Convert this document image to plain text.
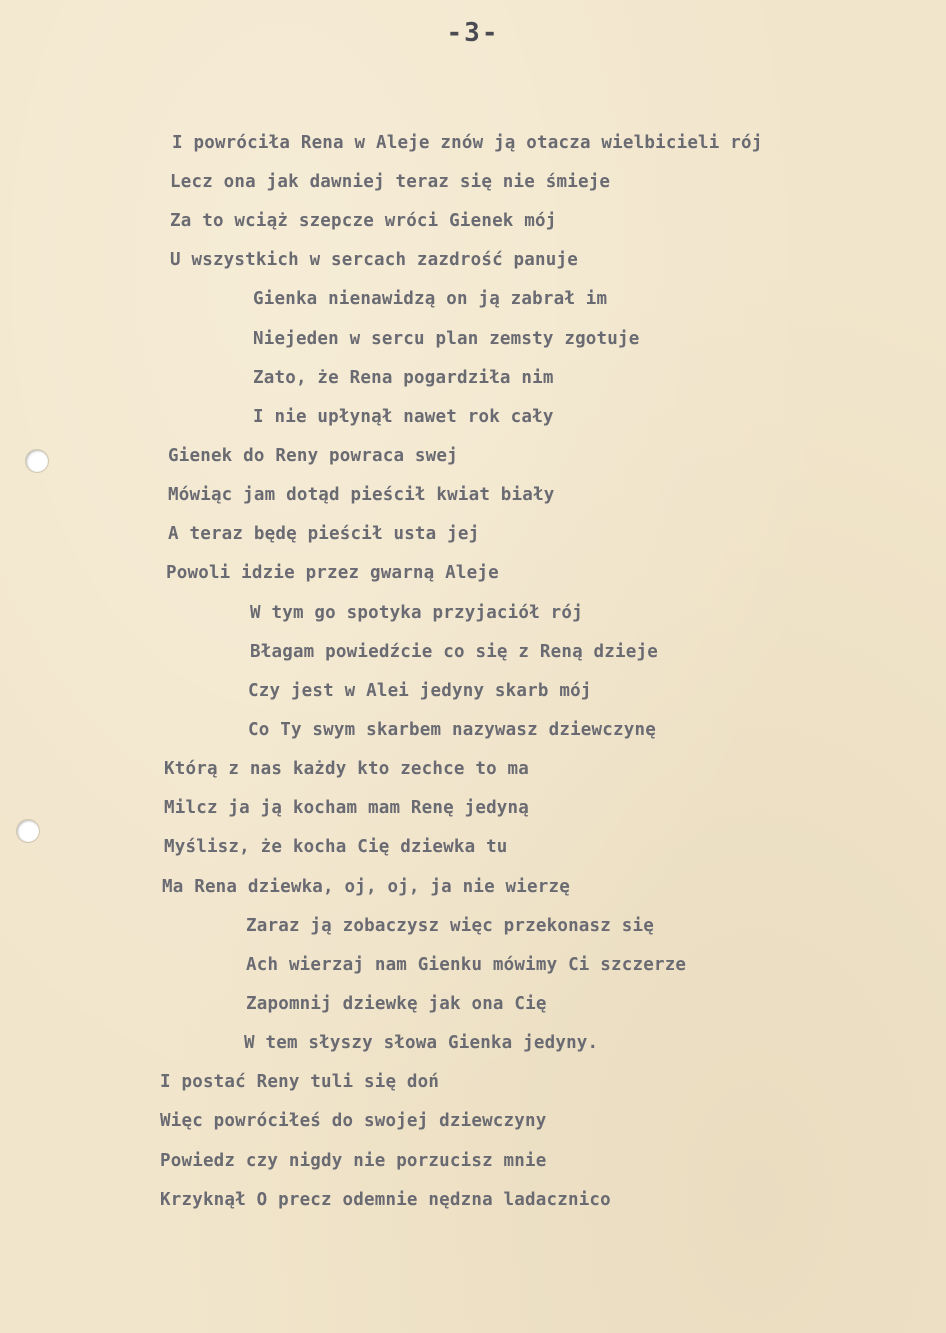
-3-
I powróciła Rena w Aleje znów ją otacza wielbicieli rój
Lecz ona jak dawniej teraz się nie śmieje
Za to wciąż szepcze wróci Gienek mój
U wszystkich w sercach zazdrość panuje
Gienka nienawidzą on ją zabrał im
Niejeden w sercu plan zemsty zgotuje
Zato, że Rena pogardziła nim
I nie upłynął nawet rok cały
Gienek do Reny powraca swej
Mówiąc jam dotąd pieścił kwiat biały
A teraz będę pieścił usta jej
Powoli idzie przez gwarną Aleje
W tym go spotyka przyjaciół rój
Błagam powiedźcie co się z Reną dzieje
Czy jest w Alei jedyny skarb mój
Co Ty swym skarbem nazywasz dziewczynę
Którą z nas każdy kto zechce to ma
Milcz ja ją kocham mam Renę jedyną
Myślisz, że kocha Cię dziewka tu
Ma Rena dziewka, oj, oj, ja nie wierzę
Zaraz ją zobaczysz więc przekonasz się
Ach wierzaj nam Gienku mówimy Ci szczerze
Zapomnij dziewkę jak ona Cię
W tem słyszy słowa Gienka jedyny.
I postać Reny tuli się doń
Więc powróciłeś do swojej dziewczyny
Powiedz czy nigdy nie porzucisz mnie
Krzyknął O precz odemnie nędzna ladacznico
